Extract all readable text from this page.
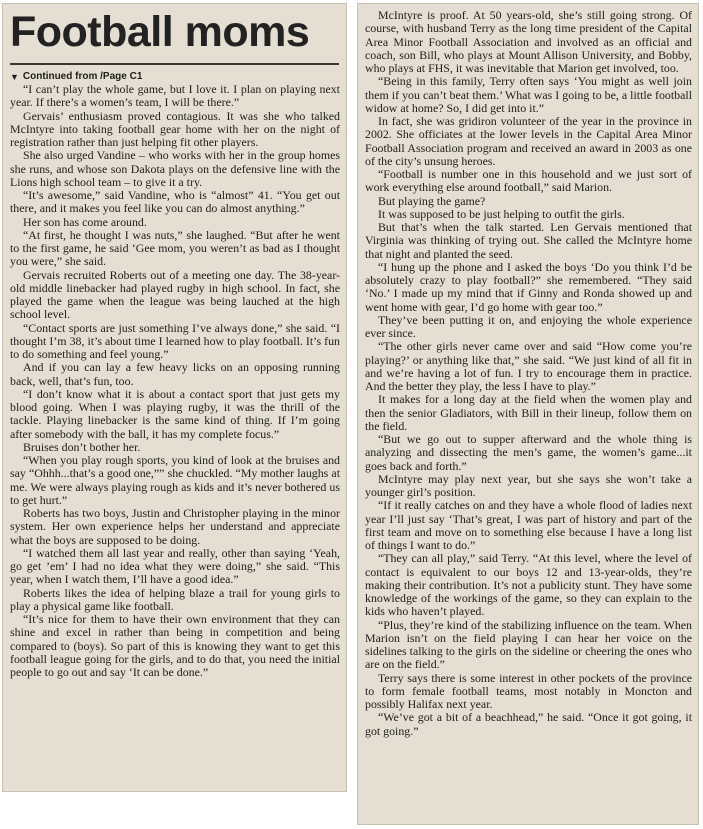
Football moms
▼ Continued from /Page C1

“I can’t play the whole game, but I love it. I plan on playing next year. If there’s a women’s team, I will be there.”

Gervais’ enthusiasm proved contagious. It was she who talked McIntyre into taking football gear home with her on the night of registration rather than just helping fit other players.

She also urged Vandine – who works with her in the group homes she runs, and whose son Dakota plays on the defensive line with the Lions high school team – to give it a try.

“It’s awesome,” said Vandine, who is “almost” 41. “You get out there, and it makes you feel like you can do almost anything.”

Her son has come around.

“At first, he thought I was nuts,” she laughed. “But after he went to the first game, he said ‘Gee mom, you weren’t as bad as I thought you were,” she said.

Gervais recruited Roberts out of a meeting one day. The 38-year-old middle linebacker had played rugby in high school. In fact, she played the game when the league was being lauched at the high school level.

“Contact sports are just something I’ve always done,” she said. “I thought I’m 38, it’s about time I learned how to play football. It’s fun to do something and feel young.”

And if you can lay a few heavy licks on an opposing running back, well, that’s fun, too.

“I don’t know what it is about a contact sport that just gets my blood going. When I was playing rugby, it was the thrill of the tackle. Playing linebacker is the same kind of thing. If I’m going after somebody with the ball, it has my complete focus.”

Bruises don’t bother her.

“When you play rough sports, you kind of look at the bruises and say “Ohhh...that’s a good one,”” she chuckled. “My mother laughs at me. We were always playing rough as kids and it’s never bothered us to get hurt.”

Roberts has two boys, Justin and Christopher playing in the minor system. Her own experience helps her understand and appreciate what the boys are supposed to be doing.

“I watched them all last year and really, other than saying ‘Yeah, go get ’em’ I had no idea what they were doing,” she said. “This year, when I watch them, I’ll have a good idea.”

Roberts likes the idea of helping blaze a trail for young girls to play a physical game like football.

“It’s nice for them to have their own environment that they can shine and excel in rather than being in competition and being compared to (boys). So part of this is knowing they want to get this football league going for the girls, and to do that, you need the initial people to go out and say ‘It can be done.”

McIntyre is proof. At 50 years-old, she’s still going strong. Of course, with husband Terry as the long time president of the Capital Area Minor Football Association and involved as an official and coach, son Bill, who plays at Mount Allison University, and Bobby, who plays at FHS, it was inevitable that Marion get involved, too.

“Being in this family, Terry often says ‘You might as well join them if you can’t beat them.’ What was I going to be, a little football widow at home? So, I did get into it.”

In fact, she was gridiron volunteer of the year in the province in 2002. She officiates at the lower levels in the Capital Area Minor Football Association program and received an award in 2003 as one of the city’s unsung heroes.

“Football is number one in this household and we just sort of work everything else around football,” said Marion.

But playing the game?

It was supposed to be just helping to outfit the girls.

But that’s when the talk started. Len Gervais mentioned that Virginia was thinking of trying out. She called the McIntyre home that night and planted the seed.

“I hung up the phone and I asked the boys ‘Do you think I’d be absolutely crazy to play football?” she remembered. “They said ‘No.’ I made up my mind that if Ginny and Ronda showed up and went home with gear, I’d go home with gear too.”

They’ve been putting it on, and enjoying the whole experience ever since.

“The other girls never came over and said “How come you’re playing?’ or anything like that,” she said. “We just kind of all fit in and we’re having a lot of fun. I try to encourage them in practice. And the better they play, the less I have to play.”

It makes for a long day at the field when the women play and then the senior Gladiators, with Bill in their lineup, follow them on the field.

“But we go out to supper afterward and the whole thing is analyzing and dissecting the men’s game, the women’s game...it goes back and forth.”

McIntyre may play next year, but she says she won’t take a younger girl’s position.

“If it really catches on and they have a whole flood of ladies next year I’ll just say ‘That’s great, I was part of history and part of the first team and move on to something else because I have a long list of things I want to do.”

“They can all play,” said Terry. “At this level, where the level of contact is equivalent to our boys 12 and 13-year-olds, they’re making their contribution. It’s not a publicity stunt. They have some knowledge of the workings of the game, so they can explain to the kids who haven’t played.

“Plus, they’re kind of the stabilizing influence on the team. When Marion isn’t on the field playing I can hear her voice on the sidelines talking to the girls on the sideline or cheering the ones who are on the field.”

Terry says there is some interest in other pockets of the province to form female football teams, most notably in Moncton and possibly Halifax next year.

“We’ve got a bit of a beachhead,” he said. “Once it got going, it got going.”
